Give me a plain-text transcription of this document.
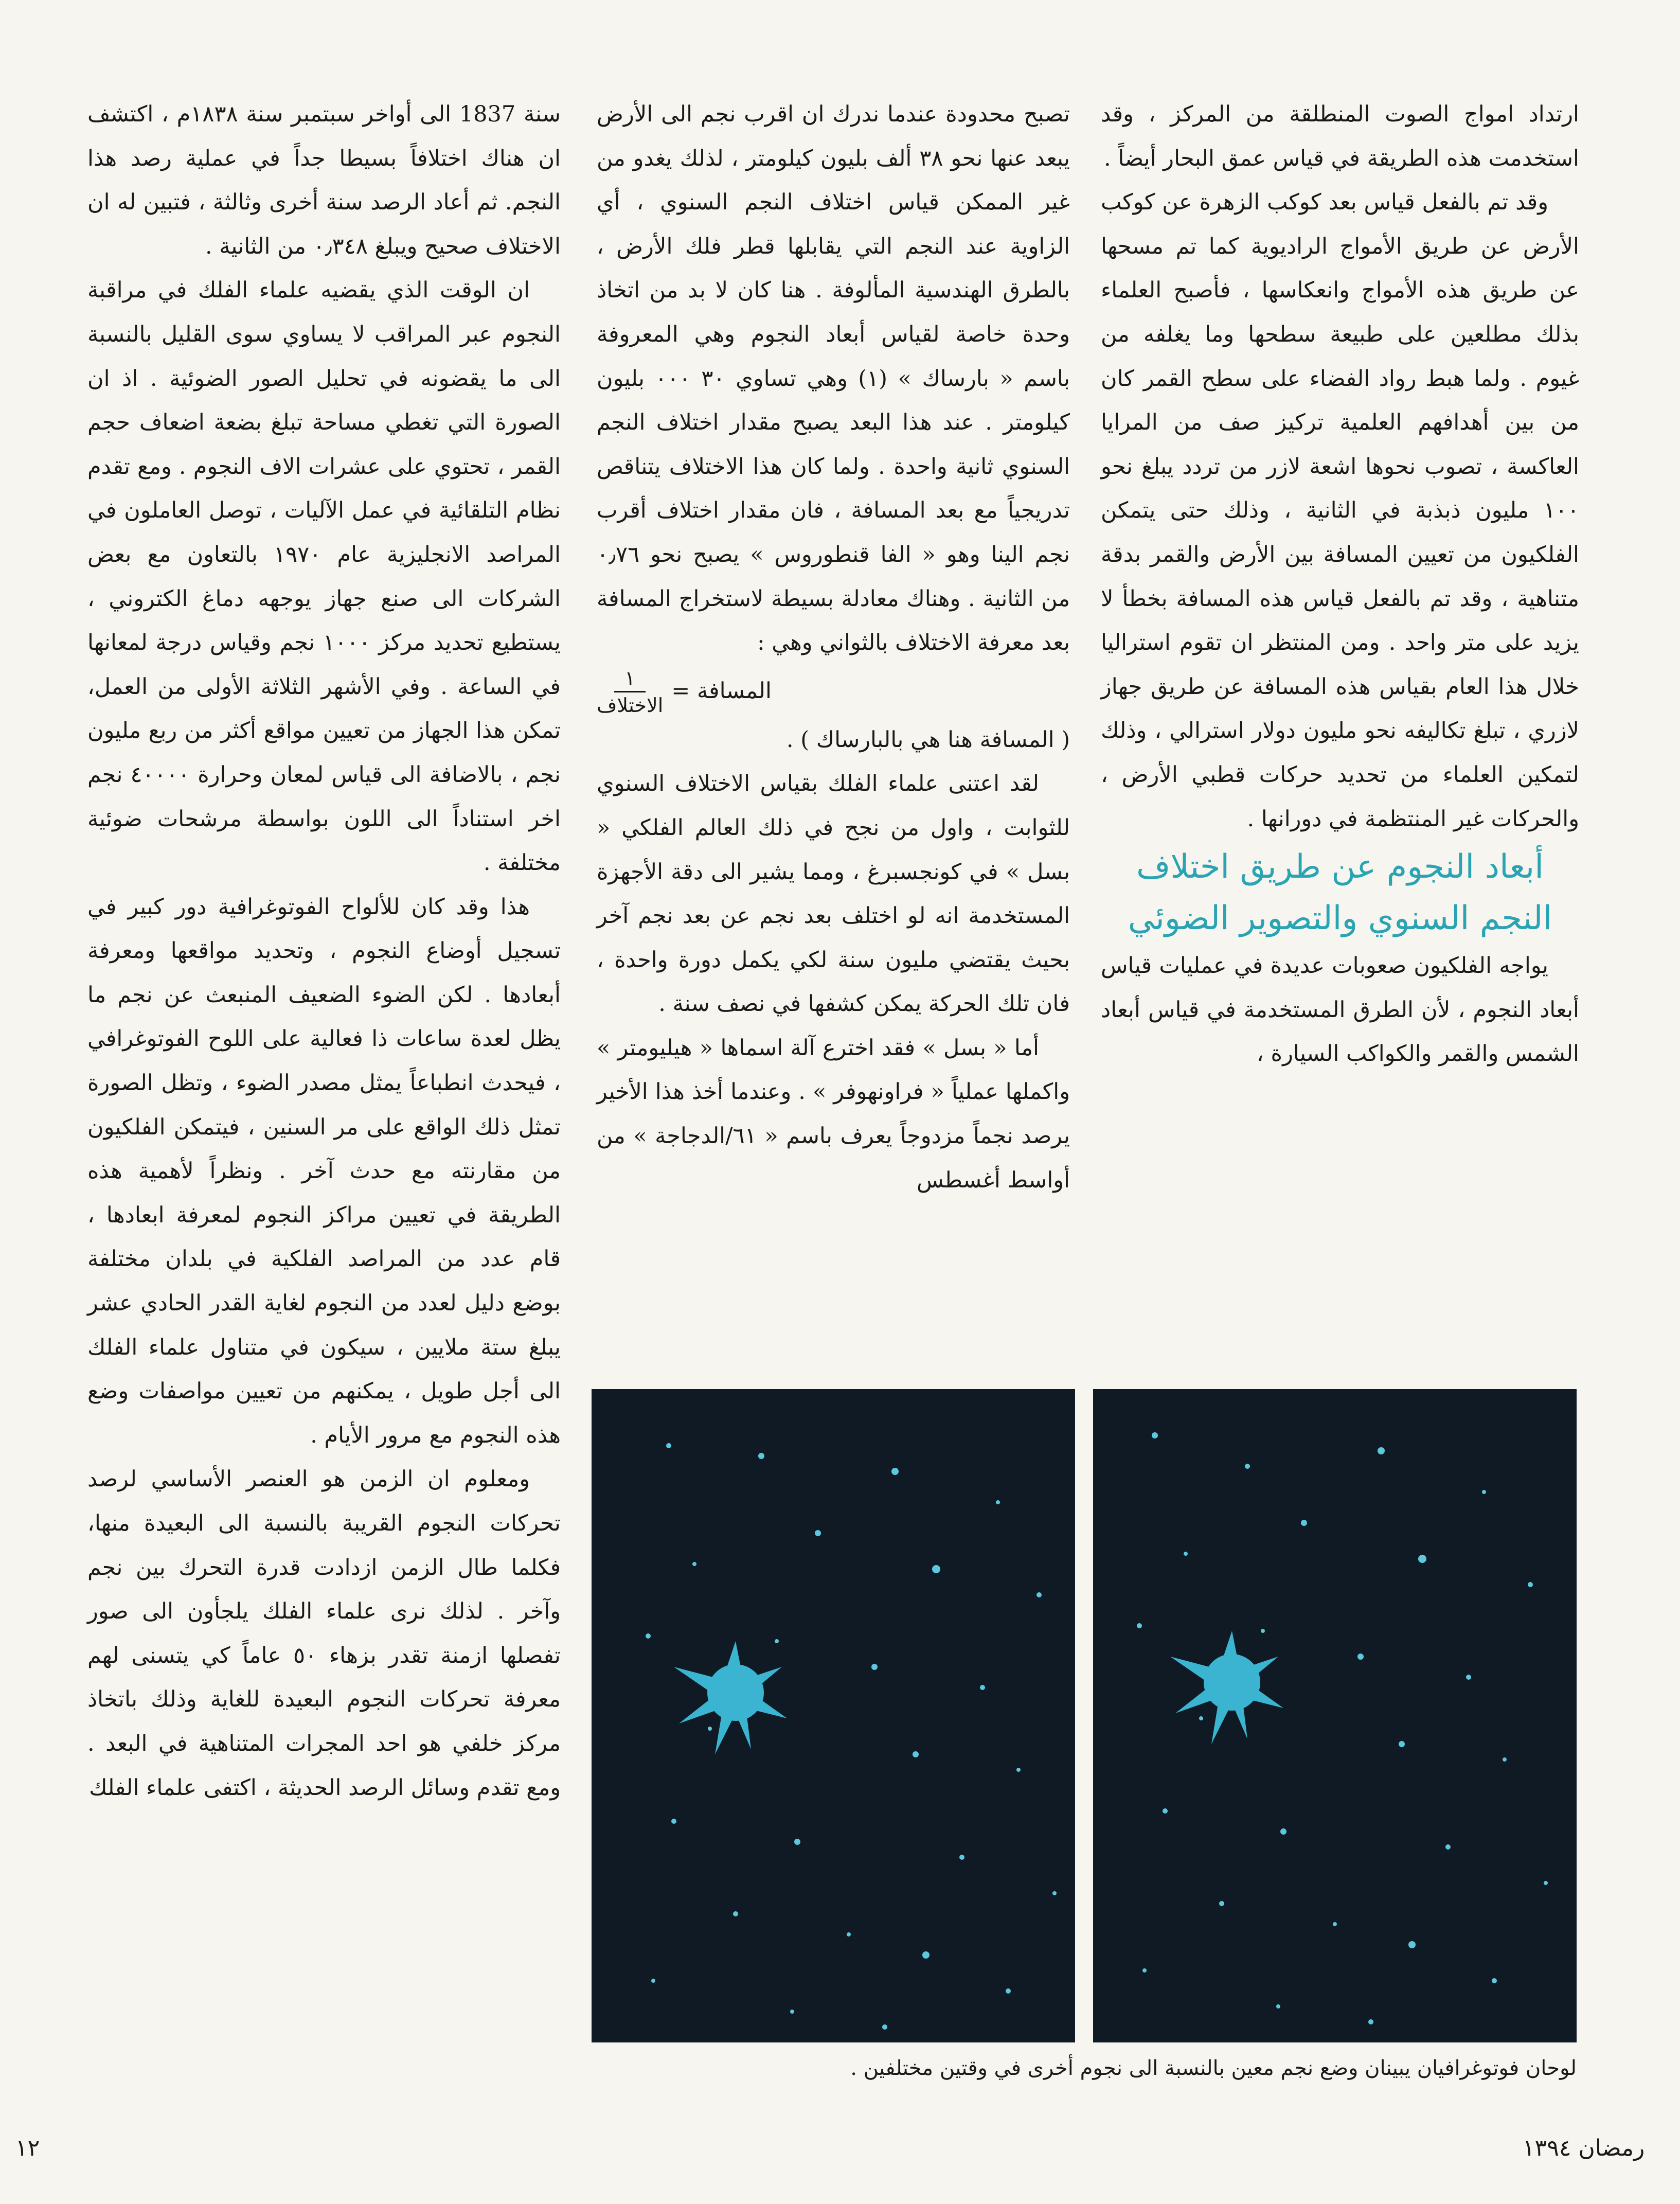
ارتداد امواج الصوت المنطلقة من المركز ، وقد استخدمت هذه الطريقة في قياس عمق البحار أيضاً .

وقد تم بالفعل قياس بعد كوكب الزهرة عن كوكب الأرض عن طريق الأمواج الراديوية كما تم مسحها عن طريق هذه الأمواج وانعكاسها ، فأصبح العلماء بذلك مطلعين على طبيعة سطحها وما يغلفه من غيوم . ولما هبط رواد الفضاء على سطح القمر كان من بين أهدافهم العلمية تركيز صف من المرايا العاكسة ، تصوب نحوها اشعة لازر من تردد يبلغ نحو ١٠٠ مليون ذبذبة في الثانية ، وذلك حتى يتمكن الفلكيون من تعيين المسافة بين الأرض والقمر بدقة متناهية ، وقد تم بالفعل قياس هذه المسافة بخطأ لا يزيد على متر واحد . ومن المنتظر ان تقوم استراليا خلال هذا العام بقياس هذه المسافة عن طريق جهاز لازري ، تبلغ تكاليفه نحو مليون دولار استرالي ، وذلك لتمكين العلماء من تحديد حركات قطبي الأرض ، والحركات غير المنتظمة في دورانها .

أبعاد النجوم عن طريق اختلاف النجم السنوي والتصوير الضوئي

يواجه الفلكيون صعوبات عديدة في عمليات قياس أبعاد النجوم ، لأن الطرق المستخدمة في قياس أبعاد الشمس والقمر والكواكب السيارة ،

تصبح محدودة عندما ندرك ان اقرب نجم الى الأرض يبعد عنها نحو ٣٨ ألف بليون كيلومتر ، لذلك يغدو من غير الممكن قياس اختلاف النجم السنوي ، أي الزاوية عند النجم التي يقابلها قطر فلك الأرض ، بالطرق الهندسية المألوفة . هنا كان لا بد من اتخاذ وحدة خاصة لقياس أبعاد النجوم وهي المعروفة باسم « بارساك » (١) وهي تساوي ٣٠ ٠٠٠ بليون كيلومتر . عند هذا البعد يصبح مقدار اختلاف النجم السنوي ثانية واحدة . ولما كان هذا الاختلاف يتناقص تدريجياً مع بعد المسافة ، فان مقدار اختلاف أقرب نجم الينا وهو « الفا قنطوروس » يصبح نحو ٠٫٧٦ من الثانية . وهناك معادلة بسيطة لاستخراج المسافة بعد معرفة الاختلاف بالثواني وهي :

المسافة =
$\frac{١}{\text{الاختلاف}}$

( المسافة هنا هي بالبارساك ) .

لقد اعتنى علماء الفلك بقياس الاختلاف السنوي للثوابت ، واول من نجح في ذلك العالم الفلكي « بسل » في كونجسبرغ ، ومما يشير الى دقة الأجهزة المستخدمة انه لو اختلف بعد نجم عن بعد نجم آخر بحيث يقتضي مليون سنة لكي يكمل دورة واحدة ، فان تلك الحركة يمكن كشفها في نصف سنة .

أما « بسل » فقد اخترع آلة اسماها « هيليومتر » واكملها عملياً « فراونهوفر » . وعندما أخذ هذا الأخير يرصد نجماً مزدوجاً يعرف باسم « ٦١/الدجاجة » من أواسط أغسطس

سنة 1837 الى أواخر سبتمبر سنة ١٨٣٨م ، اكتشف ان هناك اختلافاً بسيطا جداً في عملية رصد هذا النجم. ثم أعاد الرصد سنة أخرى وثالثة ، فتبين له ان الاختلاف صحيح ويبلغ ٠٫٣٤٨ من الثانية .

ان الوقت الذي يقضيه علماء الفلك في مراقبة النجوم عبر المراقب لا يساوي سوى القليل بالنسبة الى ما يقضونه في تحليل الصور الضوئية . اذ ان الصورة التي تغطي مساحة تبلغ بضعة اضعاف حجم القمر ، تحتوي على عشرات الاف النجوم . ومع تقدم نظام التلقائية في عمل الآليات ، توصل العاملون في المراصد الانجليزية عام ١٩٧٠ بالتعاون مع بعض الشركات الى صنع جهاز يوجهه دماغ الكتروني ، يستطيع تحديد مركز ١٠٠٠ نجم وقياس درجة لمعانها في الساعة . وفي الأشهر الثلاثة الأولى من العمل، تمكن هذا الجهاز من تعيين مواقع أكثر من ربع مليون نجم ، بالاضافة الى قياس لمعان وحرارة ٤٠٠٠٠ نجم اخر استناداً الى اللون بواسطة مرشحات ضوئية مختلفة .

هذا وقد كان للألواح الفوتوغرافية دور كبير في تسجيل أوضاع النجوم ، وتحديد مواقعها ومعرفة أبعادها . لكن الضوء الضعيف المنبعث عن نجم ما يظل لعدة ساعات ذا فعالية على اللوح الفوتوغرافي ، فيحدث انطباعاً يمثل مصدر الضوء ، وتظل الصورة تمثل ذلك الواقع على مر السنين ، فيتمكن الفلكيون من مقارنته مع حدث آخر . ونظراً لأهمية هذه الطريقة في تعيين مراكز النجوم لمعرفة ابعادها ، قام عدد من المراصد الفلكية في بلدان مختلفة بوضع دليل لعدد من النجوم لغاية القدر الحادي عشر يبلغ ستة ملايين ، سيكون في متناول علماء الفلك الى أجل طويل ، يمكنهم من تعيين مواصفات وضع هذه النجوم مع مرور الأيام .

ومعلوم ان الزمن هو العنصر الأساسي لرصد تحركات النجوم القريبة بالنسبة الى البعيدة منها، فكلما طال الزمن ازدادت قدرة التحرك بين نجم وآخر . لذلك نرى علماء الفلك يلجأون الى صور تفصلها ازمنة تقدر بزهاء ٥٠ عاماً كي يتسنى لهم معرفة تحركات النجوم البعيدة للغاية وذلك باتخاذ مركز خلفي هو احد المجرات المتناهية في البعد . ومع تقدم وسائل الرصد الحديثة ، اكتفى علماء الفلك

لوحان فوتوغرافيان يبينان وضع نجم معين بالنسبة الى نجوم أخرى في وقتين مختلفين .
رمضان ١٣٩٤
١٢
